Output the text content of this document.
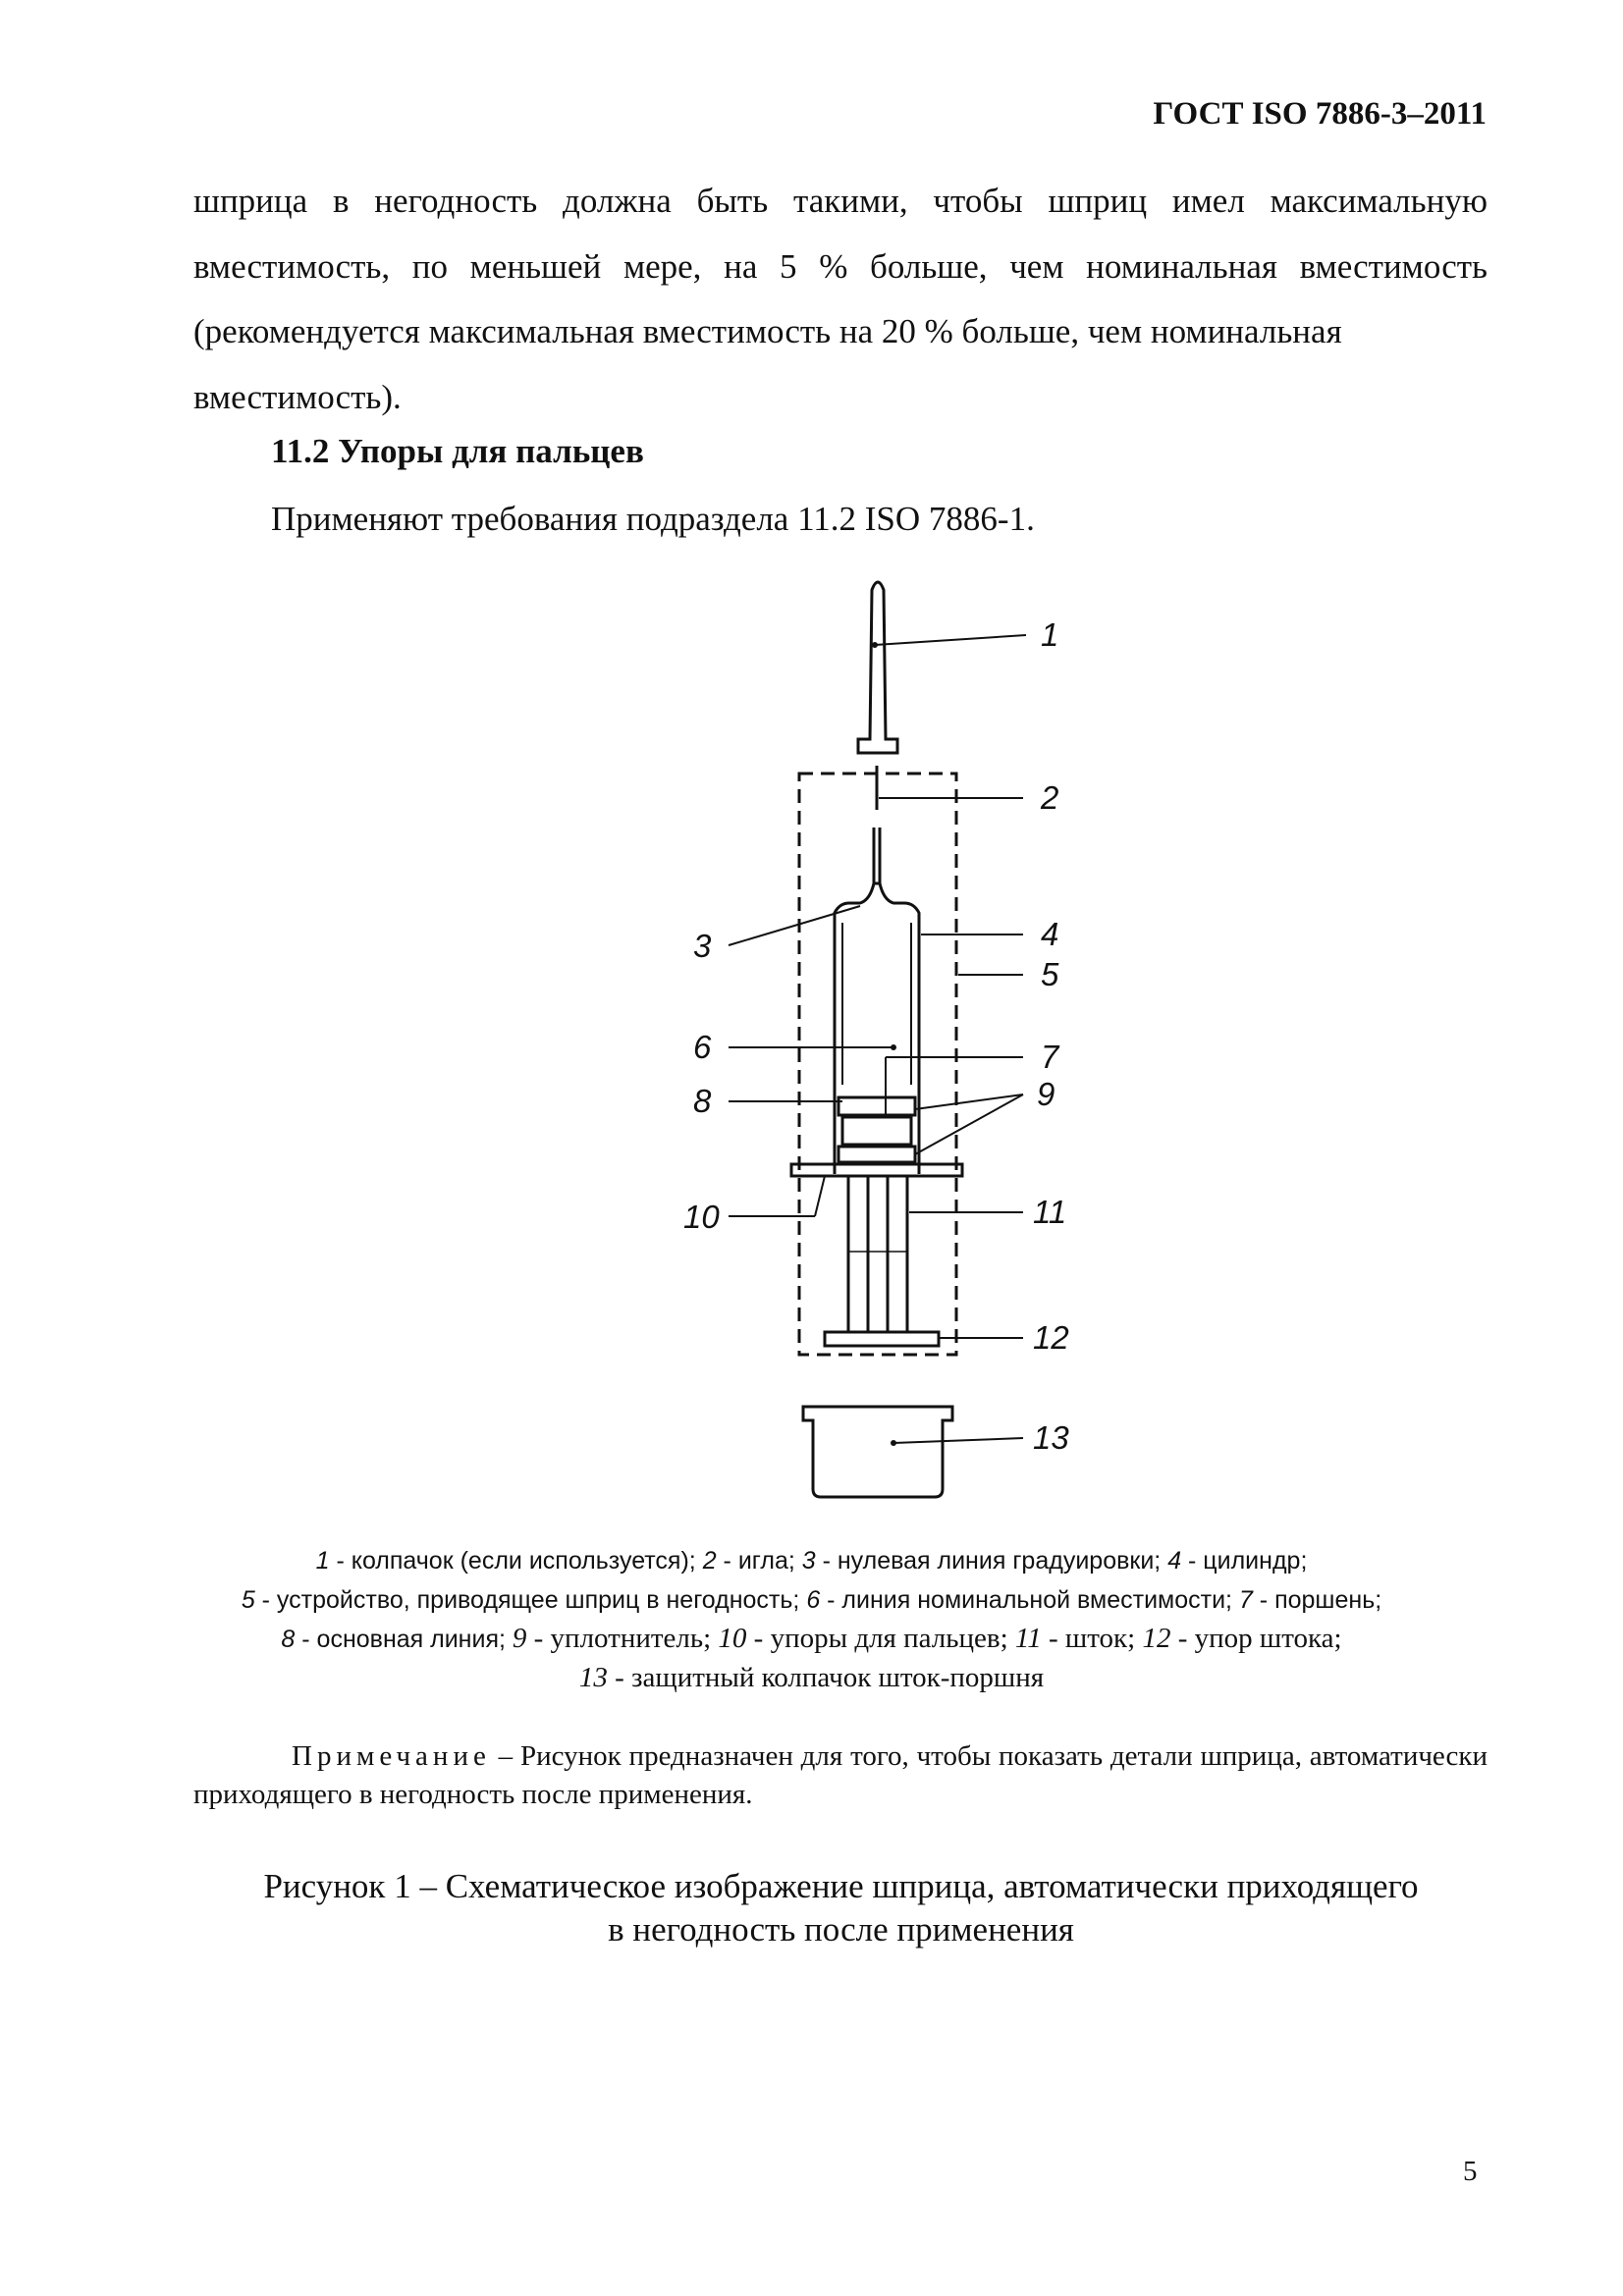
ГОСТ ISO 7886-3–2011
шприца в негодность должна быть такими, чтобы шприц имел максимальную вместимость, по меньшей мере, на 5 % больше, чем номинальная вместимость (рекомендуется максимальная вместимость на 20 % больше, чем номинальная
вместимость).
11.2 Упоры для пальцев
Применяют требования подраздела 11.2 ISO 7886-1.
1
2
3	4
5
6	7
8	9
10	11
12
13
1 - колпачок (если используется); 2 - игла; 3 - нулевая линия градуировки; 4 - цилиндр;
5 - устройство, приводящее шприц в негодность; 6 - линия номинальной вместимости; 7 - поршень;
8 - основная линия; 9 - уплотнитель; 10 - упоры для пальцев; 11 - шток; 12 - упор штока;
13 - защитный колпачок шток-поршня
Примечание – Рисунок предназначен для того, чтобы показать детали шприца, автоматически приходящего в негодность после применения.
Рисунок 1 – Схематическое изображение шприца, автоматически приходящего
в негодность после применения
5
